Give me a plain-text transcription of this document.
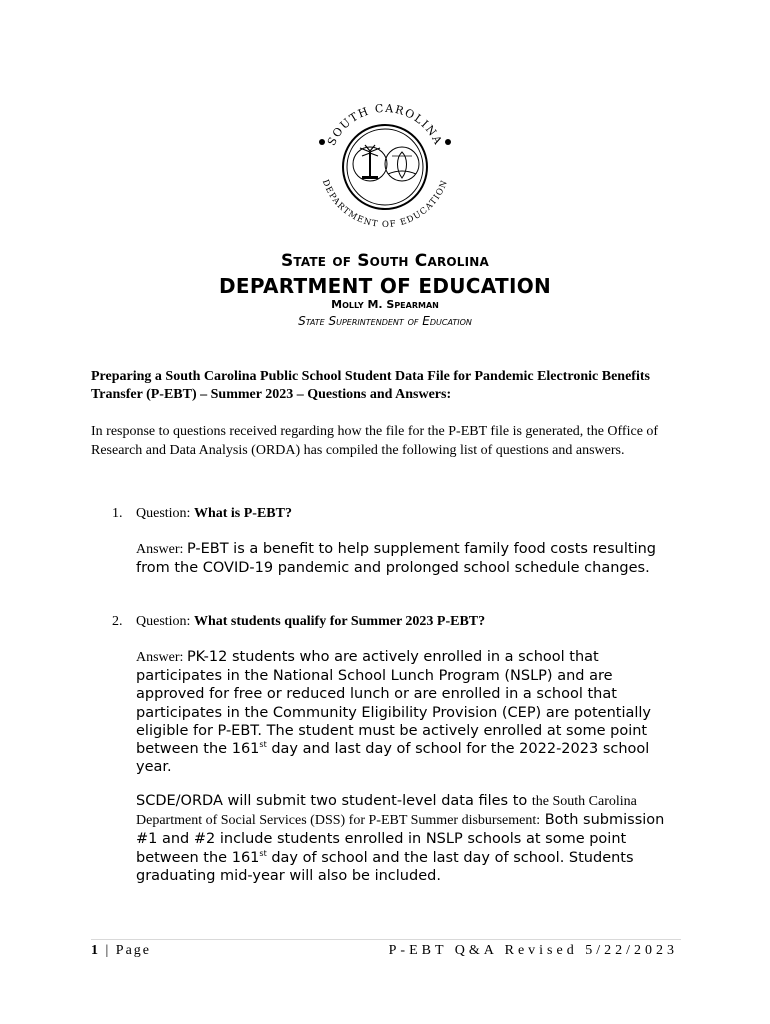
SOUTH CAROLINA
DEPARTMENT OF EDUCATION
State of South Carolina
DEPARTMENT OF EDUCATION
Molly M. Spearman
State Superintendent of Education
Preparing a South Carolina Public School Student Data File for Pandemic Electronic Benefits Transfer (P-EBT) – Summer 2023 – Questions and Answers:
In response to questions received regarding how the file for the P-EBT file is generated, the Office of Research and Data Analysis (ORDA) has compiled the following list of questions and answers.
1. Question: What is P-EBT?
Answer: P-EBT is a benefit to help supplement family food costs resulting from the COVID-19 pandemic and prolonged school schedule changes.
2. Question: What students qualify for Summer 2023 P-EBT?
Answer: PK-12 students who are actively enrolled in a school that participates in the National School Lunch Program (NSLP) and are approved for free or reduced lunch or are enrolled in a school that participates in the Community Eligibility Provision (CEP) are potentially eligible for P-EBT. The student must be actively enrolled at some point between the 161st day and last day of school for the 2022-2023 school year.
SCDE/ORDA will submit two student-level data files to the South Carolina Department of Social Services (DSS) for P-EBT Summer disbursement: Both submission #1 and #2 include students enrolled in NSLP schools at some point between the 161st day of school and the last day of school. Students graduating mid-year will also be included.
1 | Page	P-EBT Q&A Revised 5/22/2023
